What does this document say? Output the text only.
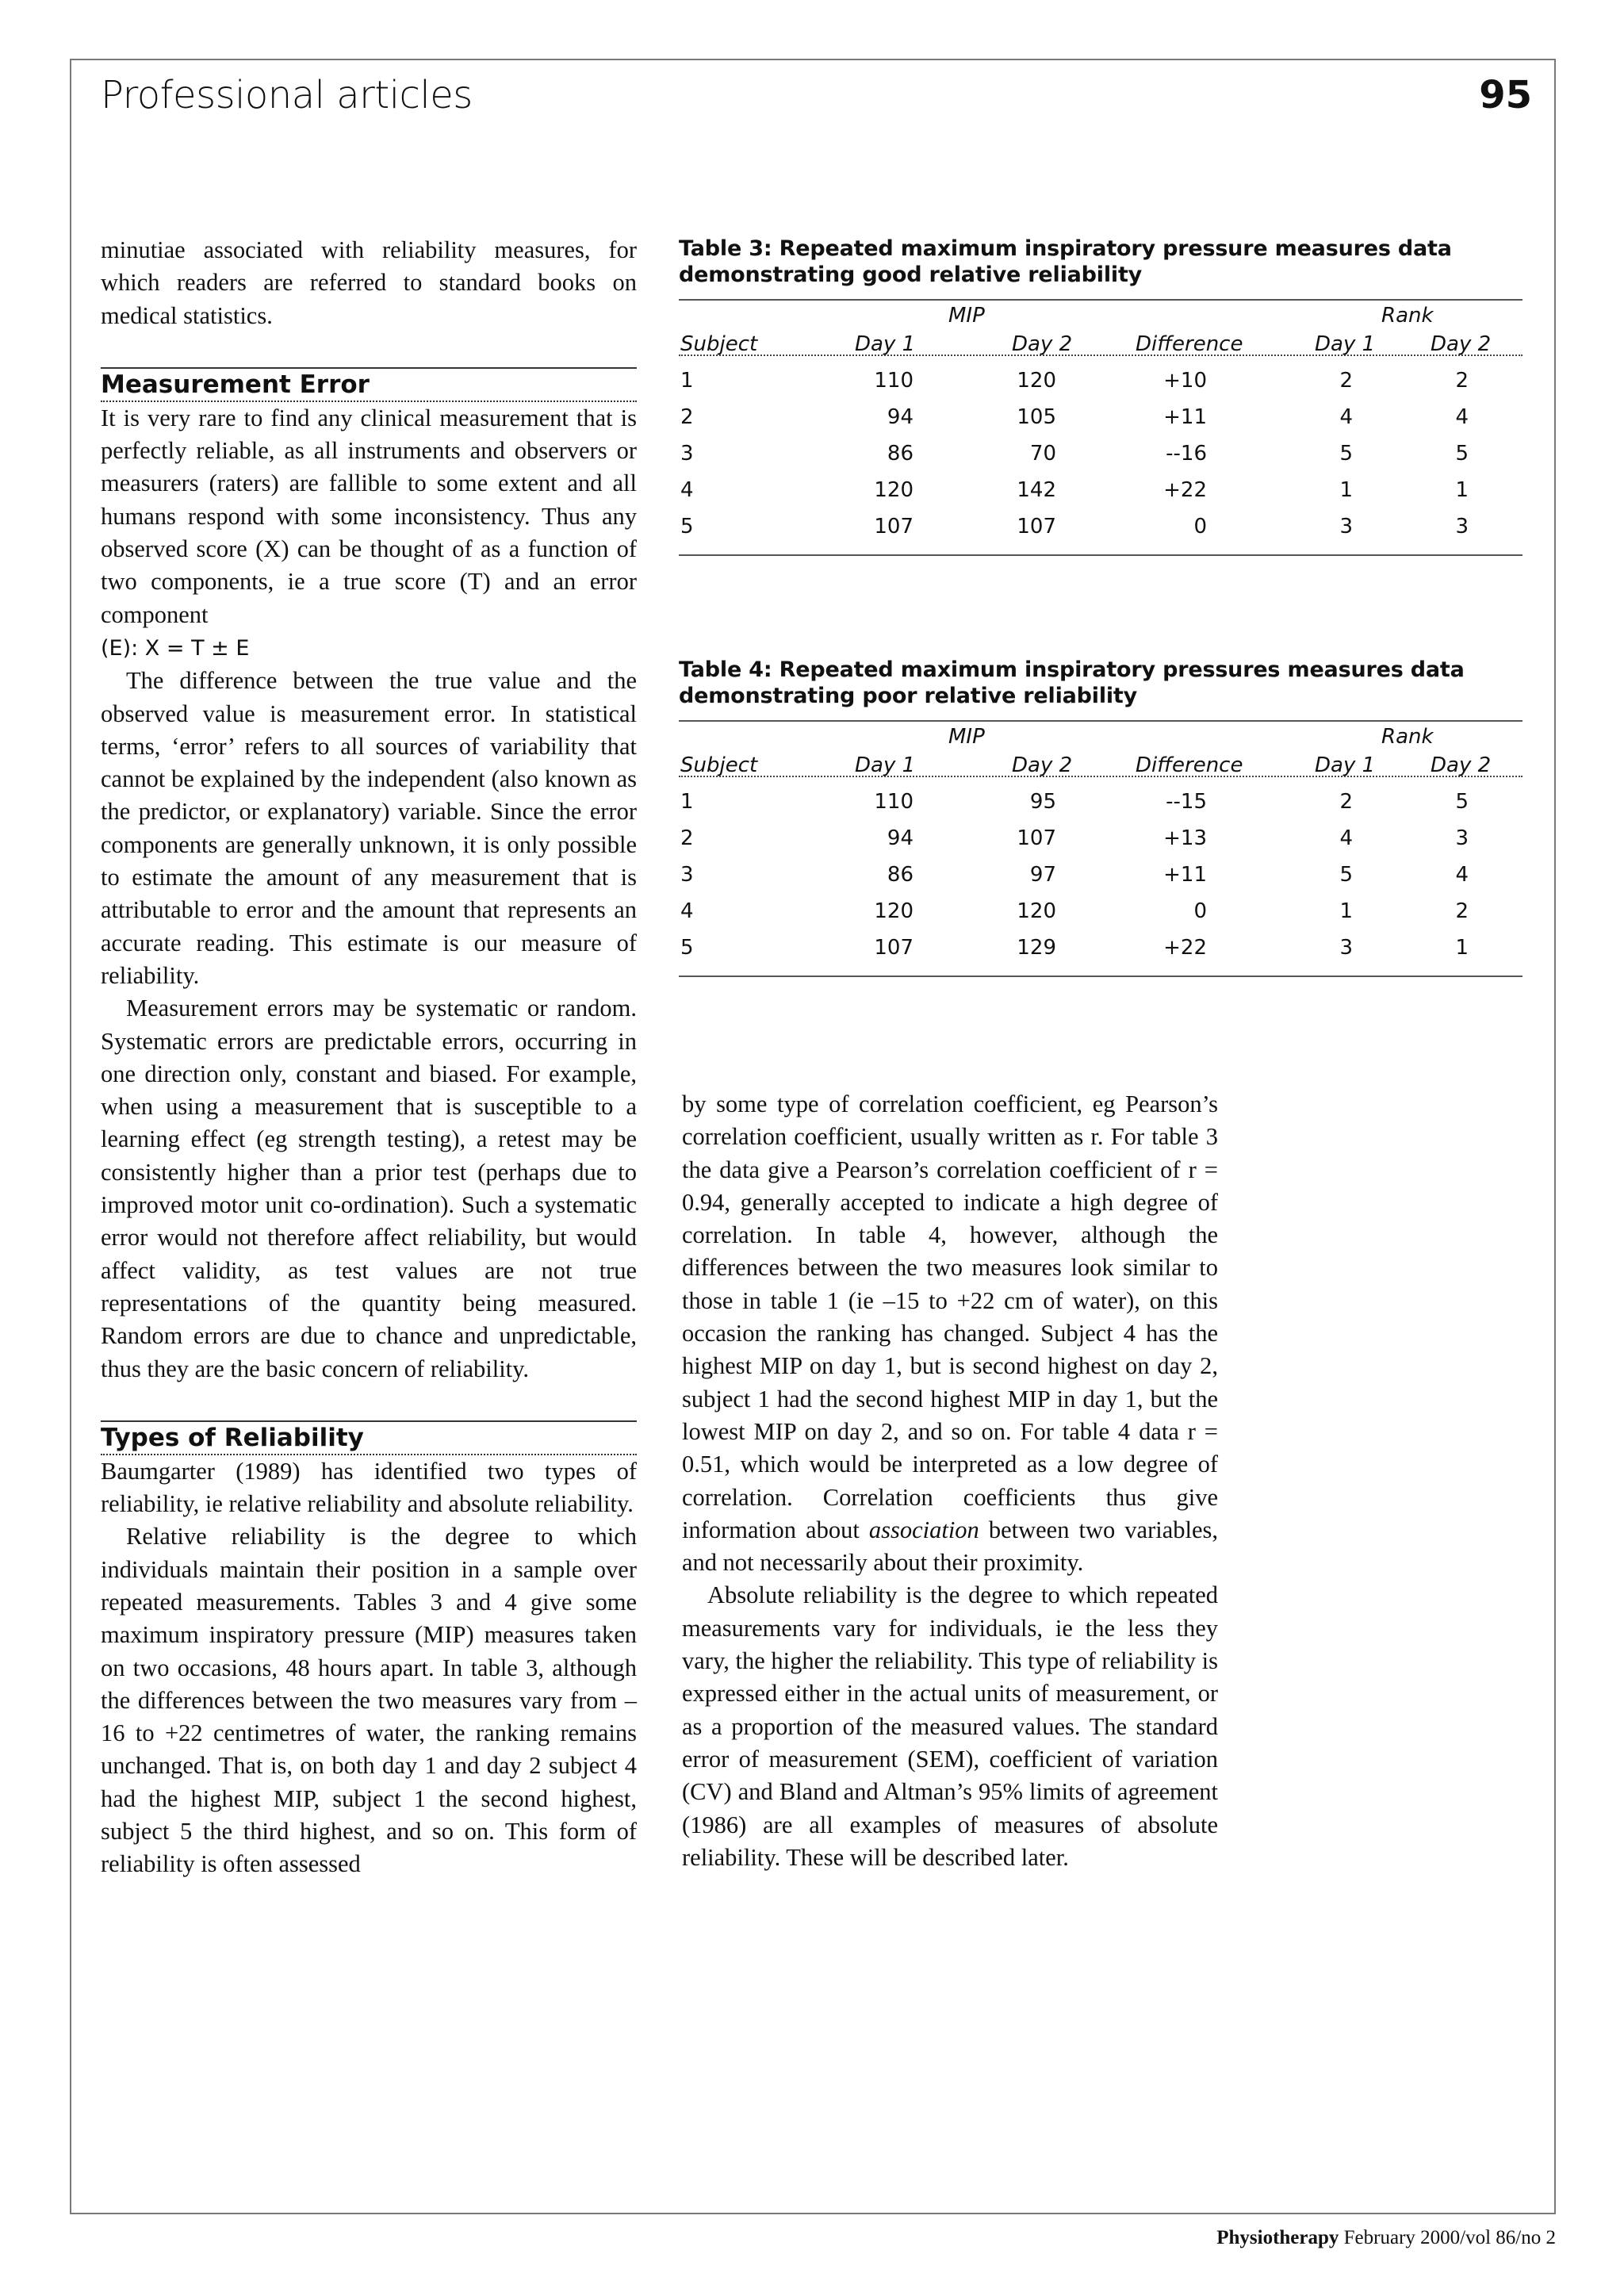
Professional articles	95

minutiae associated with reliability measures, for which readers are referred to standard books on medical statistics.

Measurement Error

It is very rare to find any clinical measurement that is perfectly reliable, as all instruments and observers or measurers (raters) are fallible to some extent and all humans respond with some inconsistency. Thus any observed score (X) can be thought of as a function of two components, ie a true score (T) and an error component
(E): X = T ± E

The difference between the true value and the observed value is measurement error. In statistical terms, ‘error’ refers to all sources of variability that cannot be explained by the independent (also known as the predictor, or explanatory) variable. Since the error components are generally unknown, it is only possible to estimate the amount of any measurement that is attributable to error and the amount that represents an accurate reading. This estimate is our measure of reliability.

Measurement errors may be systematic or random. Systematic errors are predictable errors, occurring in one direction only, constant and biased. For example, when using a measurement that is susceptible to a learning effect (eg strength testing), a retest may be consistently higher than a prior test (perhaps due to improved motor unit co-ordination). Such a systematic error would not therefore affect reliability, but would affect validity, as test values are not true representations of the quantity being measured. Random errors are due to chance and unpredictable, thus they are the basic concern of reliability.

Types of Reliability

Baumgarter (1989) has identified two types of reliability, ie relative reliability and absolute reliability.

Relative reliability is the degree to which individuals maintain their position in a sample over repeated measurements. Tables 3 and 4 give some maximum inspiratory pressure (MIP) measures taken on two occasions, 48 hours apart. In table 3, although the differences between the two measures vary from –16 to +22 centimetres of water, the ranking remains unchanged. That is, on both day 1 and day 2 subject 4 had the highest MIP, subject 1 the second highest, subject 5 the third highest, and so on. This form of reliability is often assessed

Table 3: Repeated maximum inspiratory pressure measures data demonstrating good relative reliability
MIP	Rank
Subject	Day 1	Day 2	Difference	Day 1	Day 2
1	110	120	+10	2	2
2	94	105	+11	4	4
3	86	70	--16	5	5
4	120	142	+22	1	1
5	107	107	0	3	3
Table 4: Repeated maximum inspiratory pressures measures data demonstrating poor relative reliability
MIP	Rank
Subject	Day 1	Day 2	Difference	Day 1	Day 2
1	110	95	--15	2	5
2	94	107	+13	4	3
3	86	97	+11	5	4
4	120	120	0	1	2
5	107	129	+22	3	1

by some type of correlation coefficient, eg Pearson’s correlation coefficient, usually written as r. For table 3 the data give a Pearson’s correlation coefficient of r = 0.94, generally accepted to indicate a high degree of correlation. In table 4, however, although the differences between the two measures look similar to those in table 1 (ie –15 to +22 cm of water), on this occasion the ranking has changed. Subject 4 has the highest MIP on day 1, but is second highest on day 2, subject 1 had the second highest MIP in day 1, but the lowest MIP on day 2, and so on. For table 4 data r = 0.51, which would be interpreted as a low degree of correlation. Correlation coefficients thus give information about association between two variables, and not necessarily about their proximity.

Absolute reliability is the degree to which repeated measurements vary for individuals, ie the less they vary, the higher the reliability. This type of reliability is expressed either in the actual units of measurement, or as a proportion of the measured values. The standard error of measurement (SEM), coefficient of variation (CV) and Bland and Altman’s 95% limits of agreement (1986) are all examples of measures of absolute reliability. These will be described later.

Physiotherapy February 2000/vol 86/no 2
